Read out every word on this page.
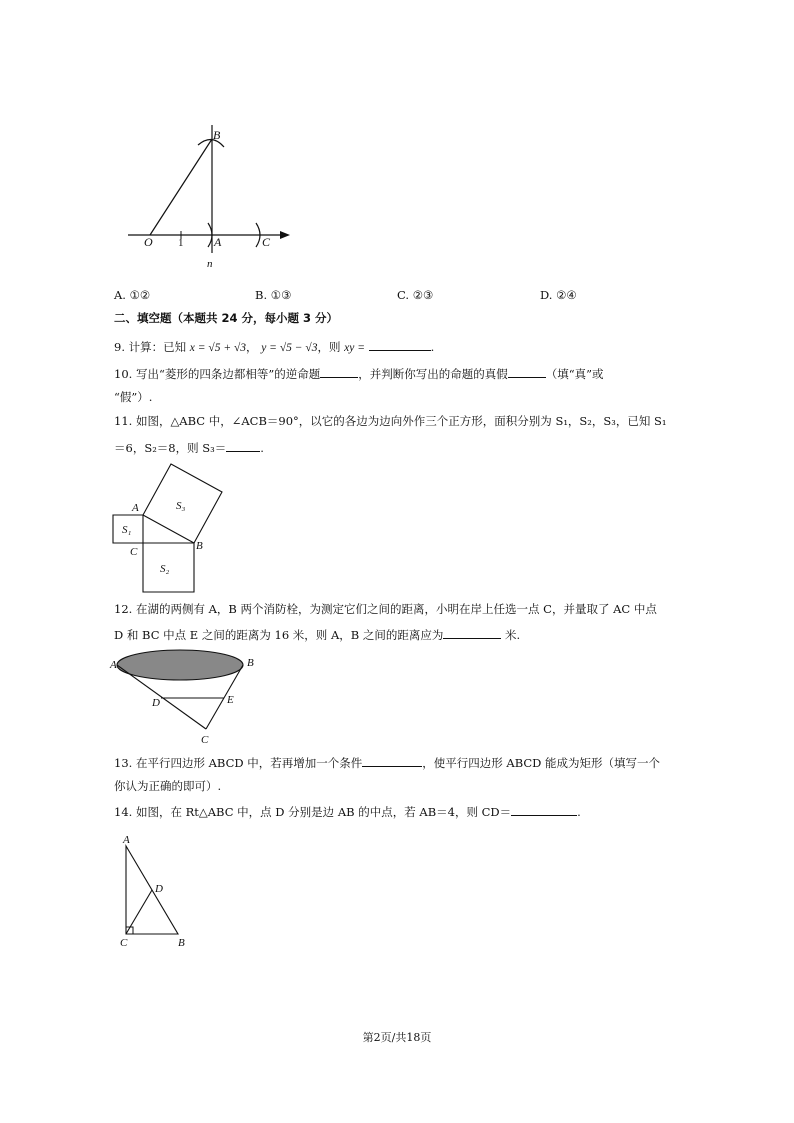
B
O 1	A	C
n
A. ①②	B. ①③	C. ②③	D. ②④
二、填空题（本题共 24 分，每小题 3 分）
9. 计算：已知 x = √5 + √3， y = √5 − √3，则 xy =	.
10. 写出“菱形的四条边都相等”的逆命题	，并判断你写出的命题的真假	（填“真”或
“假”）.
11. 如图，△ABC 中，∠ACB＝90°，以它的各边为边向外作三个正方形，面积分别为 S₁，S₂，S₃，已知 S₁
＝6，S₂＝8，则 S₃＝	.
A
B
C
S₁
S₂
S₃
12. 在湖的两侧有 A，B 两个消防栓，为测定它们之间的距离，小明在岸上任选一点 C，并量取了 AC 中点
D 和 BC 中点 E 之间的距离为 16 米，则 A，B 之间的距离应为	米.
A	B
C
D	E
13. 在平行四边形 ABCD 中，若再增加一个条件	，使平行四边形 ABCD 能成为矩形（填写一个
你认为正确的即可）.
14. 如图，在 Rt△ABC 中，点 D 分别是边 AB 的中点，若 AB＝4，则 CD＝	.
A
B
C
D
第2页/共18页
